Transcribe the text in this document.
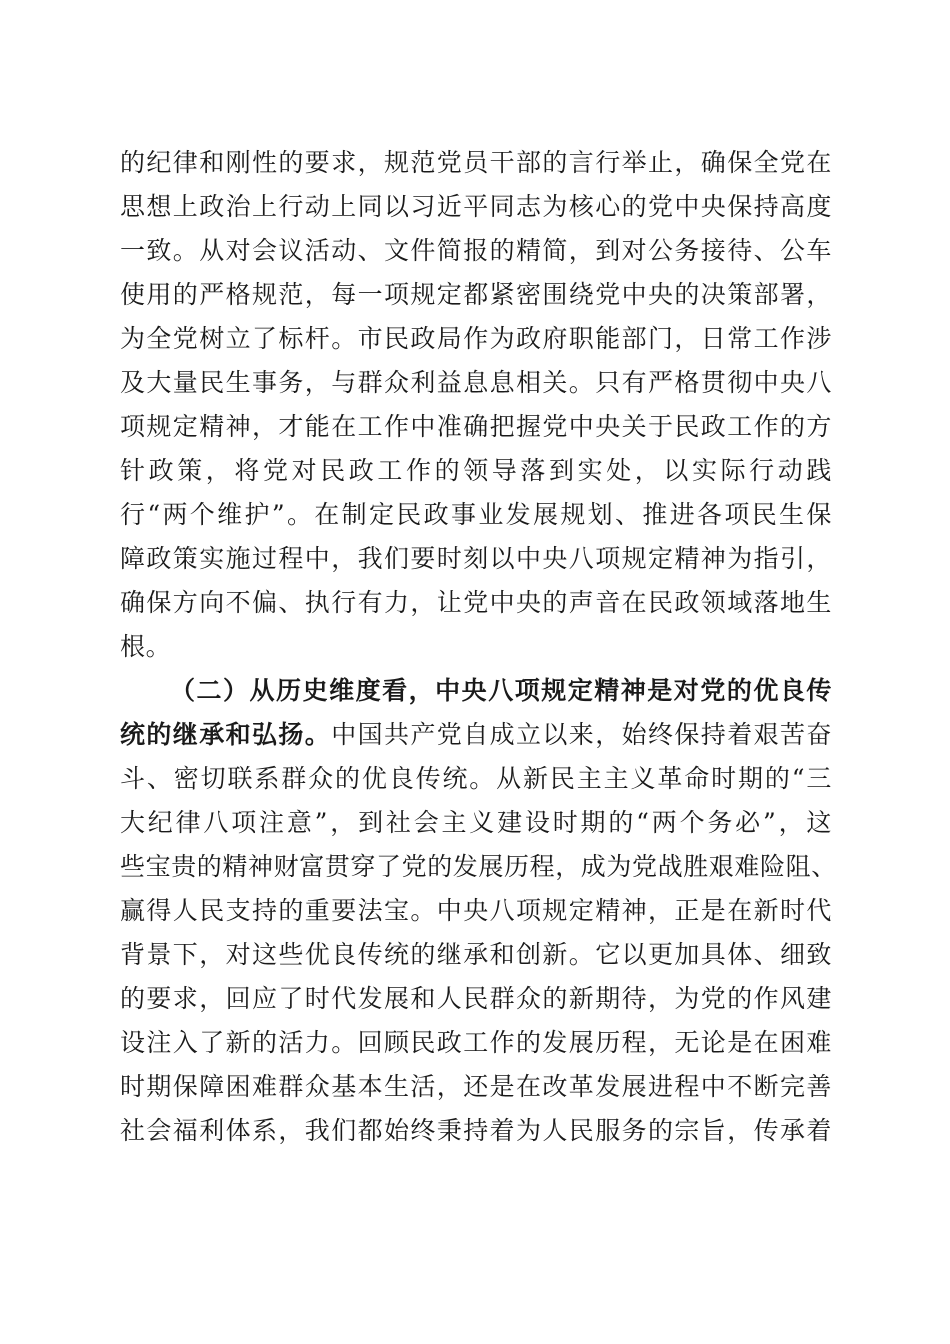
的纪律和刚性的要求，规范党员干部的言行举止，确保全党在
思想上政治上行动上同以习近平同志为核心的党中央保持高度
一致。从对会议活动、文件简报的精简，到对公务接待、公车
使用的严格规范，每一项规定都紧密围绕党中央的决策部署，
为全党树立了标杆。市民政局作为政府职能部门，日常工作涉
及大量民生事务，与群众利益息息相关。只有严格贯彻中央八
项规定精神，才能在工作中准确把握党中央关于民政工作的方
针政策，将党对民政工作的领导落到实处，以实际行动践
行“两个维护”。在制定民政事业发展规划、推进各项民生保
障政策实施过程中，我们要时刻以中央八项规定精神为指引，
确保方向不偏、执行有力，让党中央的声音在民政领域落地生
根。
（二）从历史维度看，中央八项规定精神是对党的优良传
统的继承和弘扬。中国共产党自成立以来，始终保持着艰苦奋
斗、密切联系群众的优良传统。从新民主主义革命时期的“三
大纪律八项注意”，到社会主义建设时期的“两个务必”，这
些宝贵的精神财富贯穿了党的发展历程，成为党战胜艰难险阻、
赢得人民支持的重要法宝。中央八项规定精神，正是在新时代
背景下，对这些优良传统的继承和创新。它以更加具体、细致
的要求，回应了时代发展和人民群众的新期待，为党的作风建
设注入了新的活力。回顾民政工作的发展历程，无论是在困难
时期保障困难群众基本生活，还是在改革发展进程中不断完善
社会福利体系，我们都始终秉持着为人民服务的宗旨，传承着
